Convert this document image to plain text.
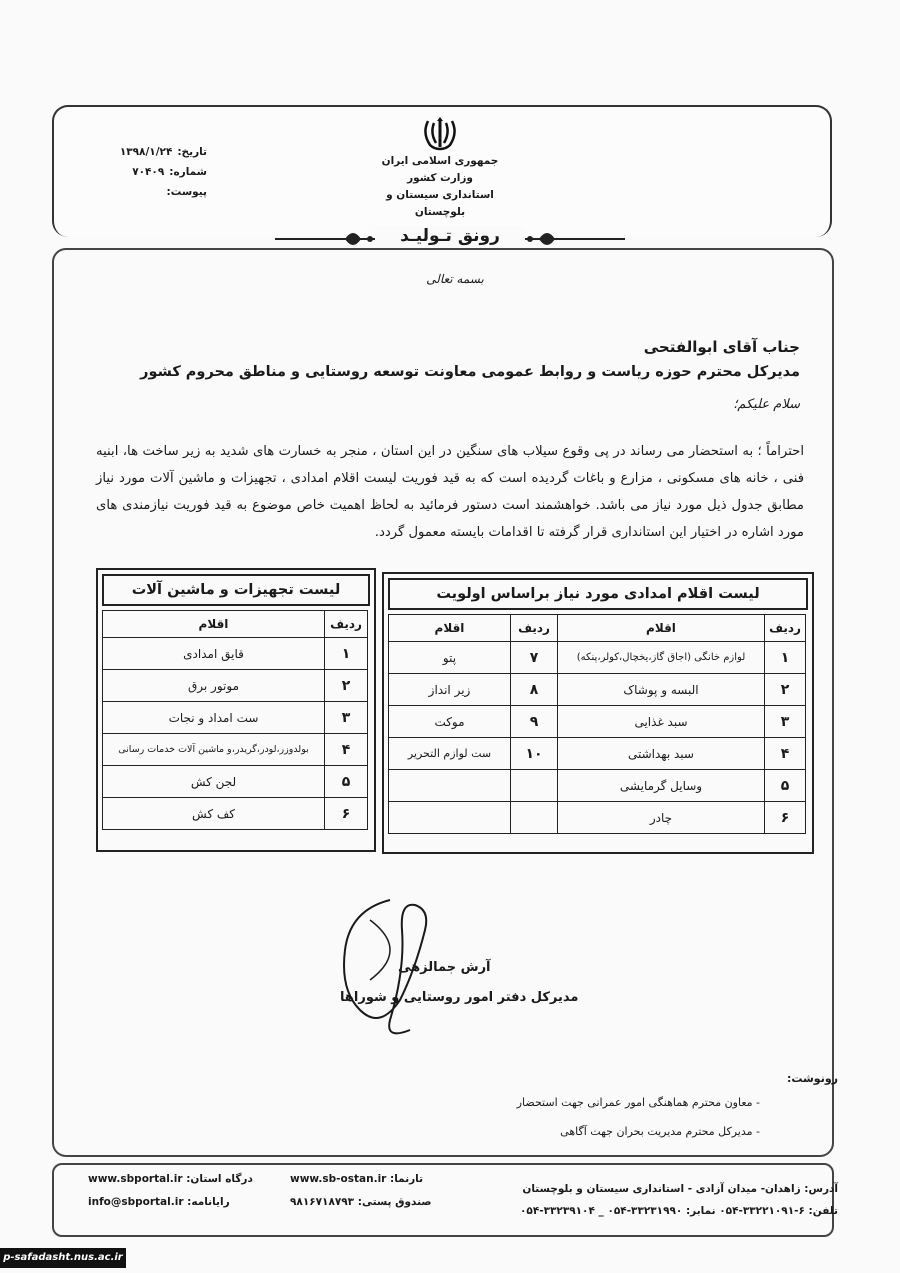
جمهوری اسلامی ایران
وزارت کشور
استانداری سیستان و بلوچستان
تاریخ:
۱۳۹۸/۱/۲۴
شماره:
۷۰۴۰۹
پیوست:
رونق تـولیـد
بسمه تعالی
جناب آقای ابوالفتحی
مدیرکل محترم حوزه ریاست و روابط عمومی معاونت توسعه روستایی و مناطق محروم کشور
سلام علیکم؛
احتراماً ؛ به استحضار می رساند در پی وقوع سیلاب های سنگین در این استان ، منجر به خسارت های شدید به زیر ساخت ها، ابنیه فنی ، خانه های مسکونی ، مزارع و باغات گردیده است که به قید فوریت لیست اقلام امدادی ، تجهیزات و ماشین آلات مورد نیاز مطابق جدول ذیل مورد نیاز می باشد. خواهشمند است دستور فرمائید به لحاظ اهمیت خاص موضوع به قید فوریت نیازمندی های مورد اشاره در اختیار این استانداری قرار گرفته تا اقدامات بایسته معمول گردد.
لیست تجهیزات و ماشین آلات
ردیف	اقلام
۱	قایق امدادی
۲	موتور برق
۳	ست امداد و نجات
۴	بولدوزر،لودر،گریدر،و ماشین آلات خدمات رسانی
۵	لجن کش
۶	کف کش
لیست اقلام امدادی مورد نیاز براساس اولویت
ردیف	اقلام	ردیف	اقلام
۱	لوازم خانگی (اجاق گاز،یخچال،کولر،پنکه)	۷	پتو
۲	البسه و پوشاک	۸	زیر انداز
۳	سبد غذایی	۹	موکت
۴	سبد بهداشتی	۱۰	ست لوازم التحریر
۵	وسایل گرمایشی		
۶	چادر		
آرش جمالزهی
مدیرکل دفتر امور روستایی و شوراها
رونوشت:
- معاون محترم هماهنگی امور عمرانی جهت استحضار
- مدیرکل محترم مدیریت بحران جهت آگاهی
آدرس: زاهدان- میدان آزادی - استانداری سیستان و بلوچستان
تلفن: ۶-۳۳۲۲۱۰۹۱-۰۵۴ نمابر: ۳۳۲۳۱۹۹۰-۰۵۴ _ ۳۳۲۳۹۱۰۴-۰۵۴
تارنما: www.sb-ostan.ir
صندوق پستی: ۹۸۱۶۷۱۸۷۹۳
درگاه استان: www.sbportal.ir
رایانامه: info@sbportal.ir
p-safadasht.nus.ac.ir
